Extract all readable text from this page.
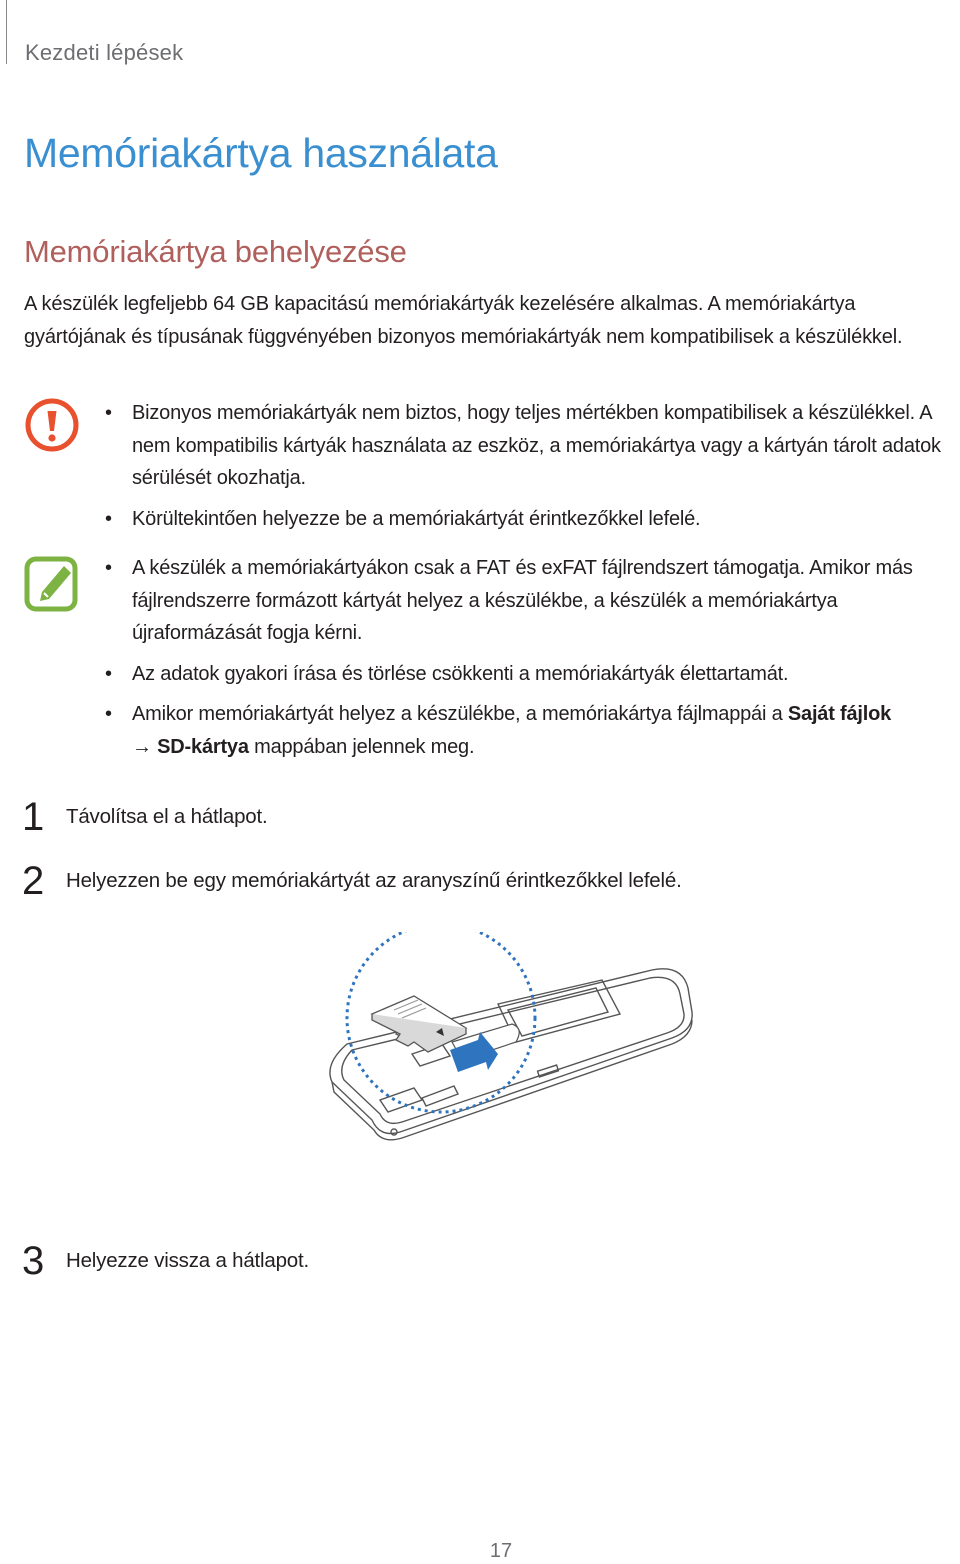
Kezdeti lépések
Memóriakártya használata
Memóriakártya behelyezése

A készülék legfeljebb 64 GB kapacitású memóriakártyák kezelésére alkalmas. A memóriakártya gyártójának és típusának függvényében bizonyos memóriakártyák nem kompatibilisek a készülékkel.

• Bizonyos memóriakártyák nem biztos, hogy teljes mértékben kompatibilisek a készülékkel. A nem kompatibilis kártyák használata az eszköz, a memóriakártya vagy a kártyán tárolt adatok sérülését okozhatja.
• Körültekintően helyezze be a memóriakártyát érintkezőkkel lefelé.
• A készülék a memóriakártyákon csak a FAT és exFAT fájlrendszert támogatja. Amikor más fájlrendszerre formázott kártyát helyez a készülékbe, a készülék a memóriakártya újraformázását fogja kérni.
• Az adatok gyakori írása és törlése csökkenti a memóriakártyák élettartamát.
• Amikor memóriakártyát helyez a készülékbe, a memóriakártya fájlmappái a Saját fájlok
→ SD-kártya mappában jelennek meg.
1 Távolítsa el a hátlapot.
2 Helyezzen be egy memóriakártyát az aranyszínű érintkezőkkel lefelé.
3 Helyezze vissza a hátlapot.
17
